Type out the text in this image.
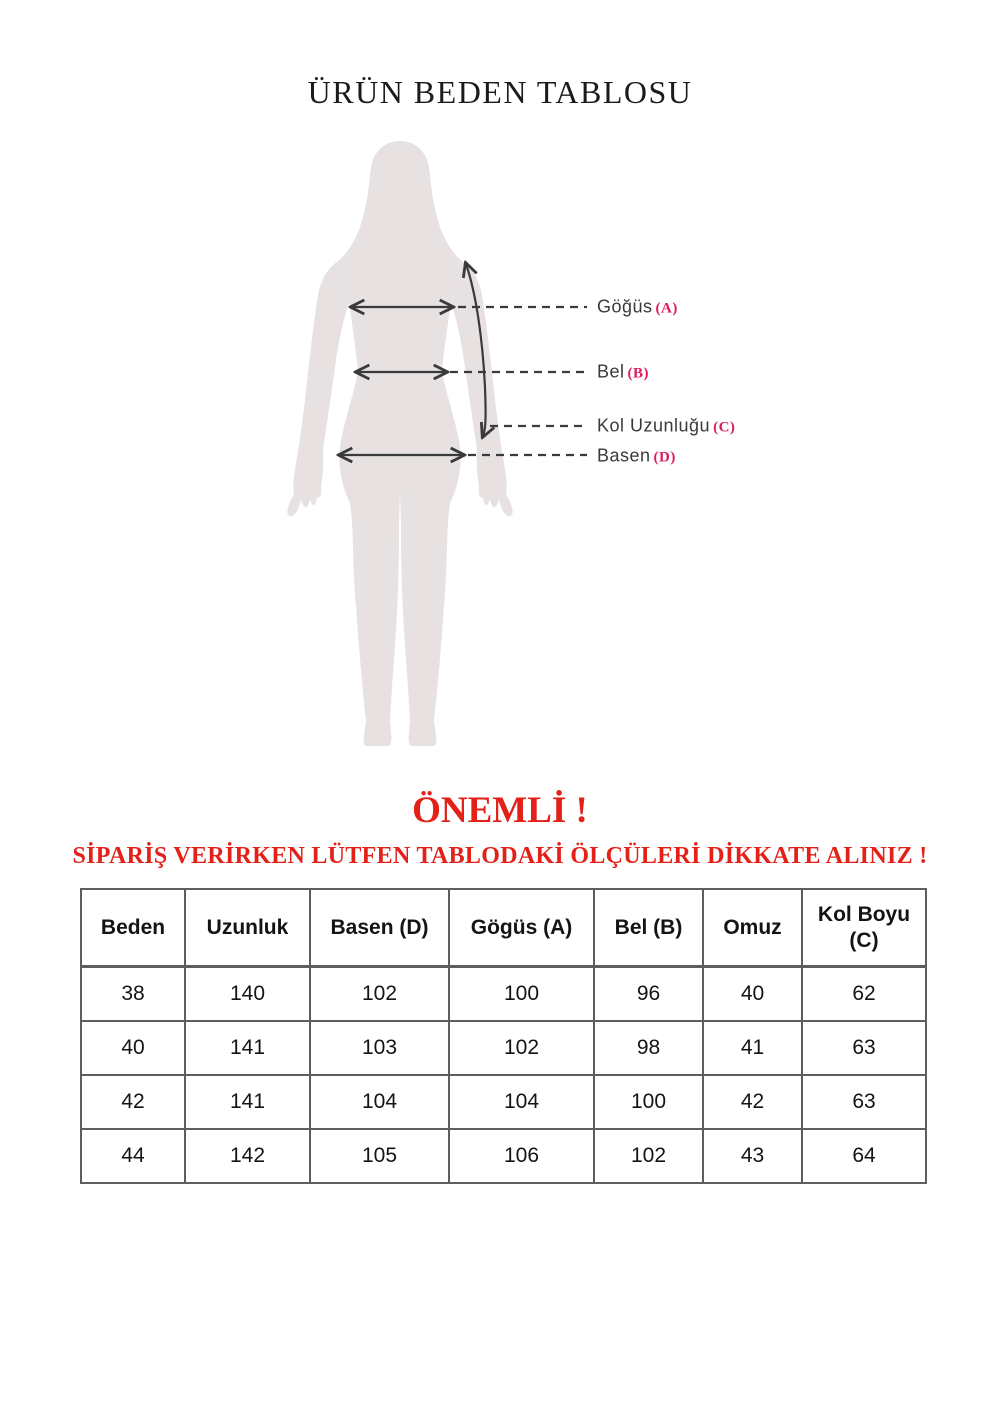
ÜRÜN BEDEN TABLOSU
Göğüs (A)
Bel (B)
Kol Uzunluğu (C)
Basen (D)
ÖNEMLİ !
SİPARİŞ VERİRKEN LÜTFEN TABLODAKİ ÖLÇÜLERİ DİKKATE ALINIZ !
Beden	Uzunluk	Basen (D)	Gögüs (A)	Bel (B)	Omuz	Kol Boyu (C)
38	140	102	100	96	40	62
40	141	103	102	98	41	63
42	141	104	104	100	42	63
44	142	105	106	102	43	64
